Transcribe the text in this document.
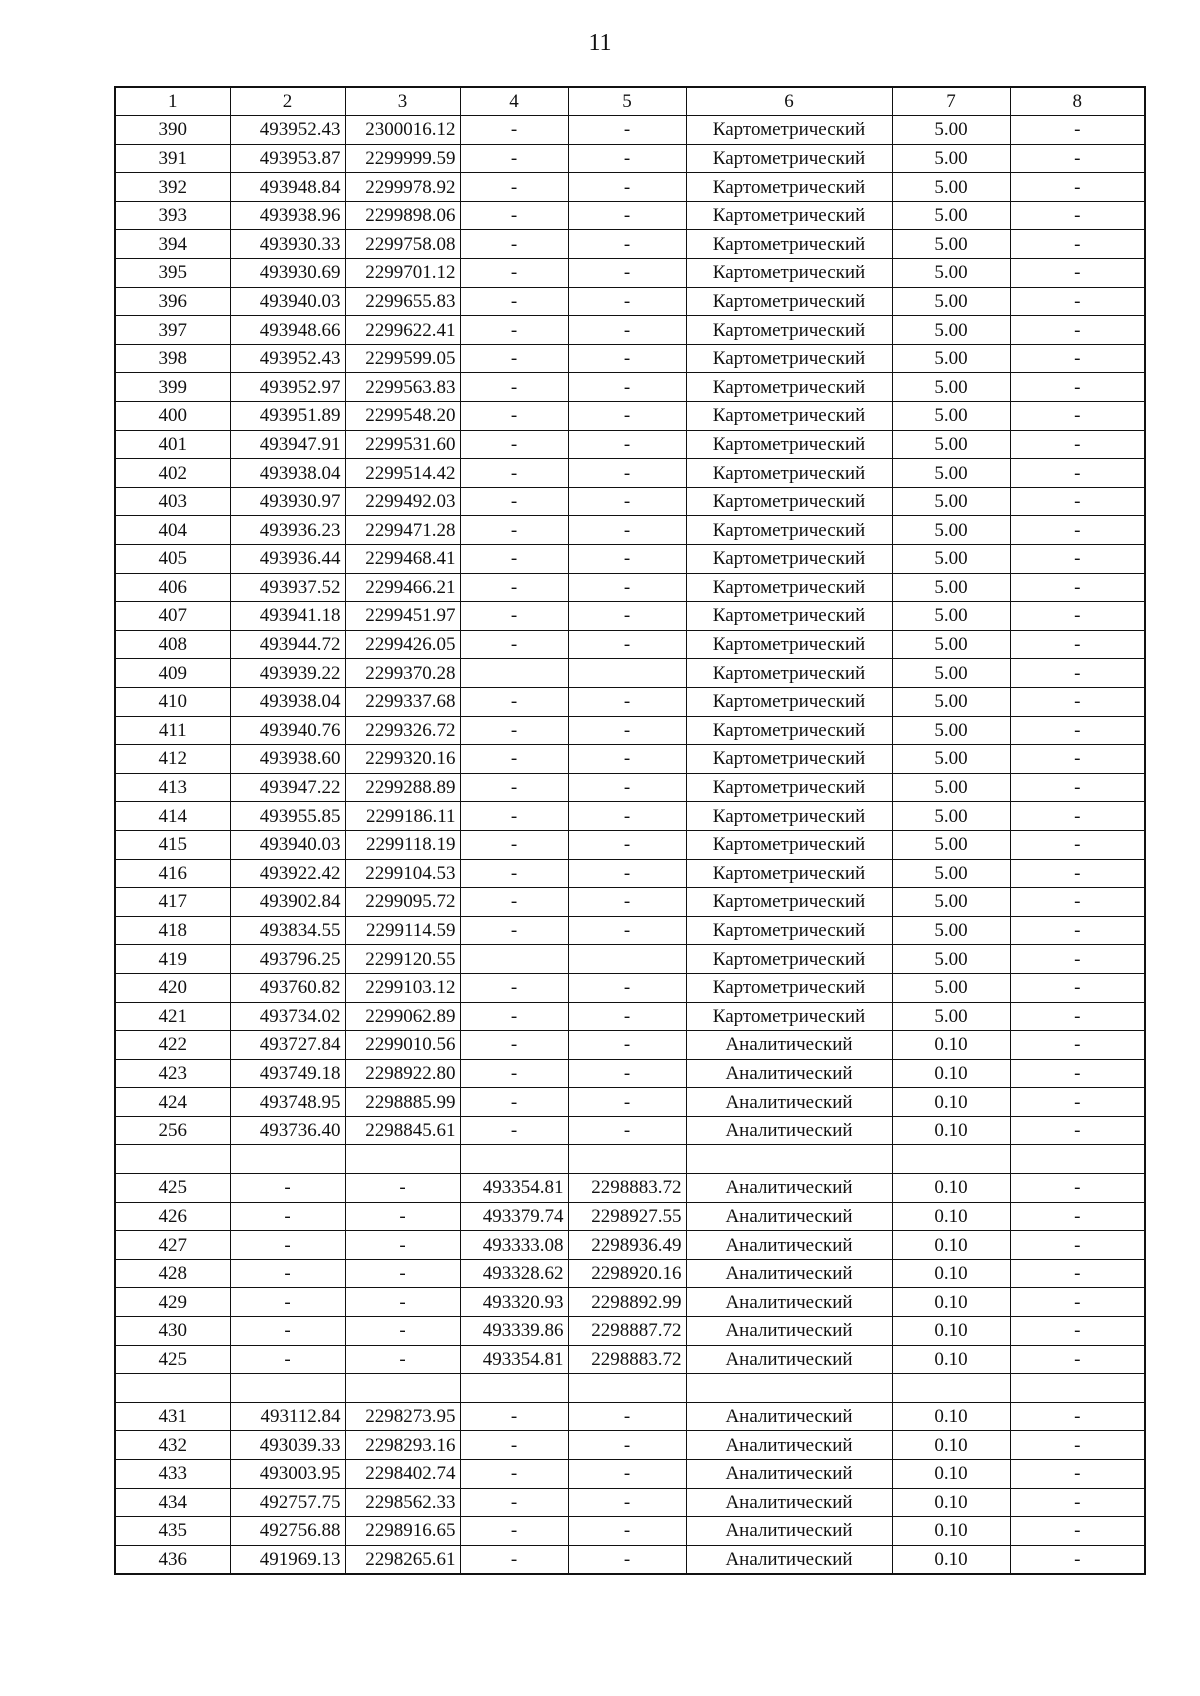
11
1	2	3	4	5	6	7	8
390	493952.43	2300016.12	-	-	Картометрический	5.00	-
391	493953.87	2299999.59	-	-	Картометрический	5.00	-
392	493948.84	2299978.92	-	-	Картометрический	5.00	-
393	493938.96	2299898.06	-	-	Картометрический	5.00	-
394	493930.33	2299758.08	-	-	Картометрический	5.00	-
395	493930.69	2299701.12	-	-	Картометрический	5.00	-
396	493940.03	2299655.83	-	-	Картометрический	5.00	-
397	493948.66	2299622.41	-	-	Картометрический	5.00	-
398	493952.43	2299599.05	-	-	Картометрический	5.00	-
399	493952.97	2299563.83	-	-	Картометрический	5.00	-
400	493951.89	2299548.20	-	-	Картометрический	5.00	-
401	493947.91	2299531.60	-	-	Картометрический	5.00	-
402	493938.04	2299514.42	-	-	Картометрический	5.00	-
403	493930.97	2299492.03	-	-	Картометрический	5.00	-
404	493936.23	2299471.28	-	-	Картометрический	5.00	-
405	493936.44	2299468.41	-	-	Картометрический	5.00	-
406	493937.52	2299466.21	-	-	Картометрический	5.00	-
407	493941.18	2299451.97	-	-	Картометрический	5.00	-
408	493944.72	2299426.05	-	-	Картометрический	5.00	-
409	493939.22	2299370.28			Картометрический	5.00	-
410	493938.04	2299337.68	-	-	Картометрический	5.00	-
411	493940.76	2299326.72	-	-	Картометрический	5.00	-
412	493938.60	2299320.16	-	-	Картометрический	5.00	-
413	493947.22	2299288.89	-	-	Картометрический	5.00	-
414	493955.85	2299186.11	-	-	Картометрический	5.00	-
415	493940.03	2299118.19	-	-	Картометрический	5.00	-
416	493922.42	2299104.53	-	-	Картометрический	5.00	-
417	493902.84	2299095.72	-	-	Картометрический	5.00	-
418	493834.55	2299114.59	-	-	Картометрический	5.00	-
419	493796.25	2299120.55			Картометрический	5.00	-
420	493760.82	2299103.12	-	-	Картометрический	5.00	-
421	493734.02	2299062.89	-	-	Картометрический	5.00	-
422	493727.84	2299010.56	-	-	Аналитический	0.10	-
423	493749.18	2298922.80	-	-	Аналитический	0.10	-
424	493748.95	2298885.99	-	-	Аналитический	0.10	-
256	493736.40	2298845.61	-	-	Аналитический	0.10	-

425	-	-	493354.81	2298883.72	Аналитический	0.10	-
426	-	-	493379.74	2298927.55	Аналитический	0.10	-
427	-	-	493333.08	2298936.49	Аналитический	0.10	-
428	-	-	493328.62	2298920.16	Аналитический	0.10	-
429	-	-	493320.93	2298892.99	Аналитический	0.10	-
430	-	-	493339.86	2298887.72	Аналитический	0.10	-
425	-	-	493354.81	2298883.72	Аналитический	0.10	-

431	493112.84	2298273.95	-	-	Аналитический	0.10	-
432	493039.33	2298293.16	-	-	Аналитический	0.10	-
433	493003.95	2298402.74	-	-	Аналитический	0.10	-
434	492757.75	2298562.33	-	-	Аналитический	0.10	-
435	492756.88	2298916.65	-	-	Аналитический	0.10	-
436	491969.13	2298265.61	-	-	Аналитический	0.10	-
